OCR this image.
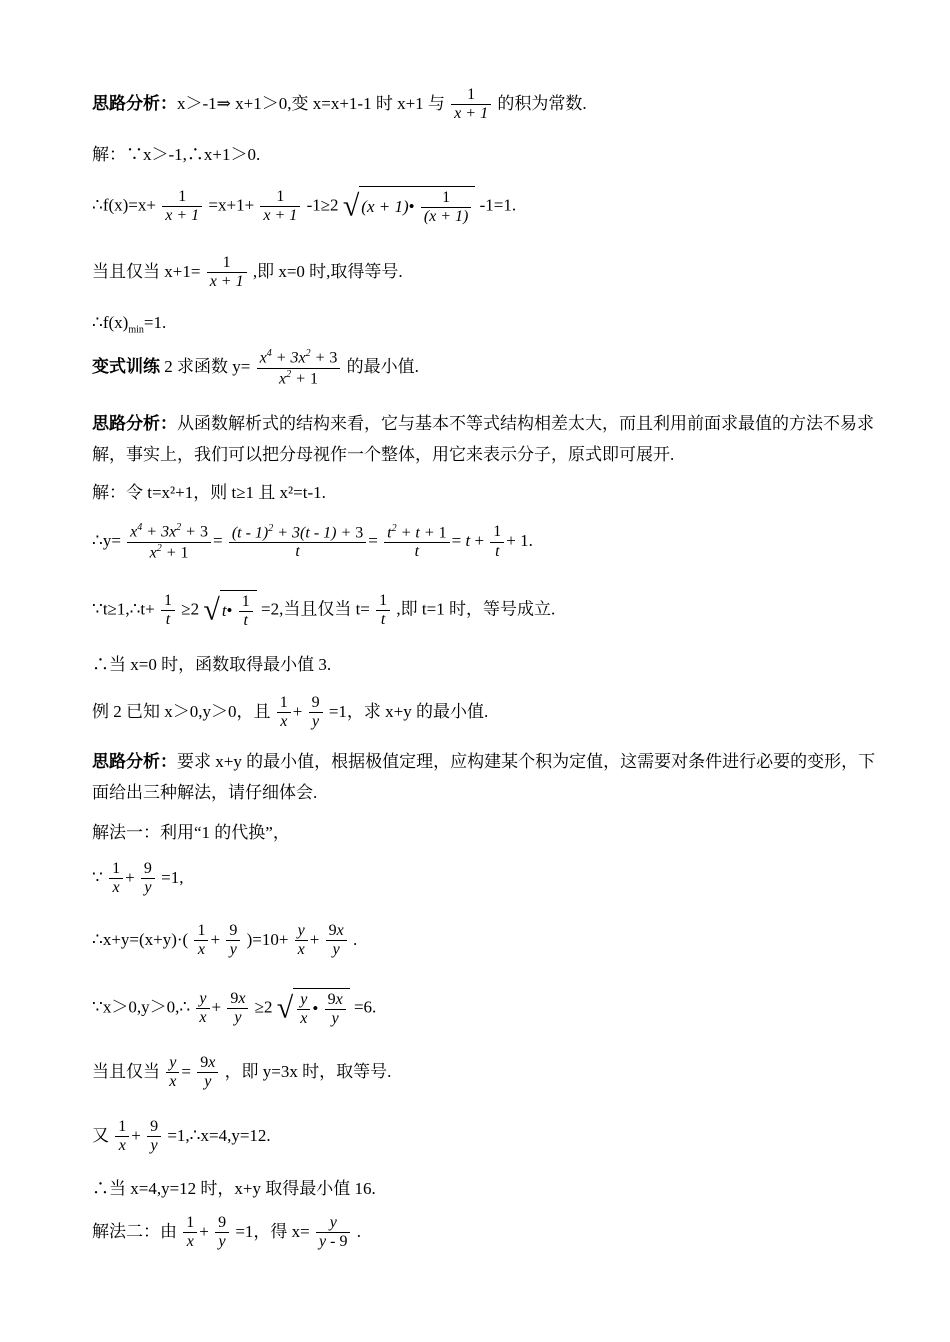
思路分析：x＞-1⇒ x+1＞0,变 x=x+1-1 时 x+1 与 $\frac{1}{x + 1}$ 的积为常数.
解：∵x＞-1,∴x+1＞0.
∴f(x)=x+ $\frac{1}{x + 1} =x+1+ \frac{1}{x + 1} -1\ge 2$ √ (x + 1)• $\frac{1}{(x + 1)} -1=1$.
当且仅当 $x+1= \frac{1}{x + 1}$ ,即 x=0 时,取得等号.
$\therefore f(x)_{min}=1$.
变式训练 2 求函数 $y= \frac{x^4 + 3x^2 + 3}{x^2 + 1}$ 的最小值.
思路分析：从函数解析式的结构来看，它与基本不等式结构相差太大，而且利用前面求最值的方法不易求解，事实上，我们可以把分母视作一个整体，用它来表示分子，原式即可展开.
解：令 t=x²+1，则 t≥1 且 x²=t-1.
∴y= $\frac{x^4 + 3x^2 + 3}{x^2 + 1} = \frac{(t - 1)^2 + 3(t - 1) + 3}{t} = \frac{t^2 + t + 1}{t} = t + \frac{1}{t} + 1$.
∵t≥1,∴t+ $\frac{1}{t} \ge 2$ √ t• $\frac{1}{t} =2$,当且仅当 $t= \frac{1}{t}$ ,即 t=1 时，等号成立.
∴当 x=0 时，函数取得最小值 3.
例 2 已知 x＞0,y＞0，且 $\frac{1}{x} + \frac{9}{y} =1$，求 x+y 的最小值.
思路分析：要求 x+y 的最小值，根据极值定理，应构建某个积为定值，这需要对条件进行必要的变形，下面给出三种解法，请仔细体会.
解法一：利用“1 的代换”，
∵ $\frac{1}{x} + \frac{9}{y} =1$,
∴x+y=(x+y)·( $\frac{1}{x} + \frac{9}{y} )=10+ \frac{y}{x} + \frac{9x}{y}$ .
∵x＞0,y＞0,∴ $\frac{y}{x} + \frac{9x}{y} \ge 2$ √ $\frac{y}{x}$ • $\frac{9x}{y} =6$.
当且仅当 $\frac{y}{x} = \frac{9x}{y}$ ，即 y=3x 时，取等号.
又 $\frac{1}{x} + \frac{9}{y}$ =1,∴x=4,y=12.
∴当 x=4,y=12 时，x+y 取得最小值 16.
解法二：由 $\frac{1}{x} + \frac{9}{y} =1$，得 $x= \frac{y}{y - 9}$ .
